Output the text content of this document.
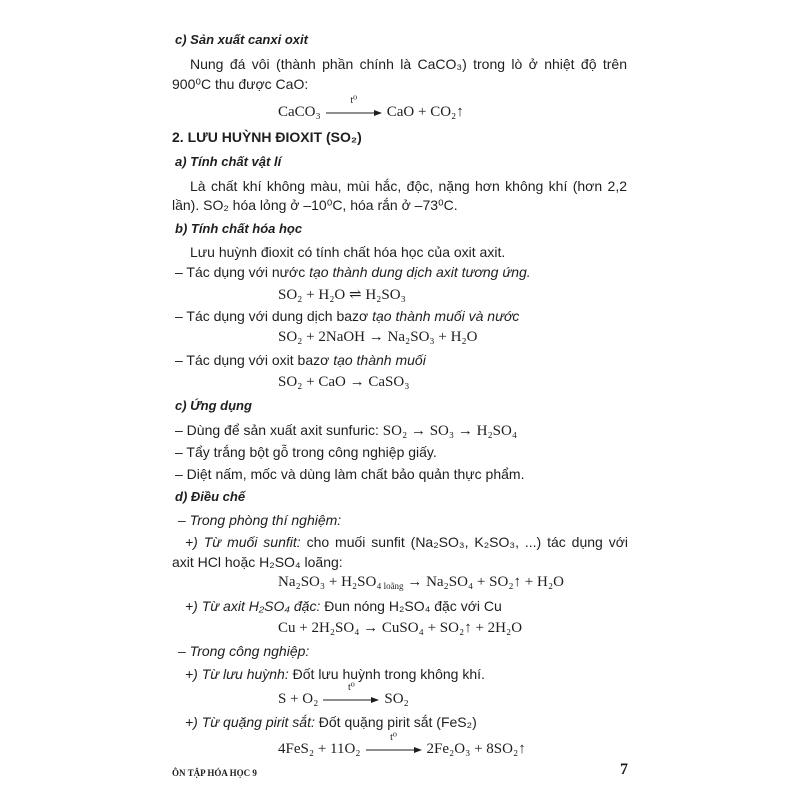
c) Sản xuất canxi oxit
Nung đá vôi (thành phần chính là CaCO₃) trong lò ở nhiệt độ trên
900⁰C thu được CaO:
CaCO₃
t⁰
CaO + CO₂↑
2. LƯU HUỲNH ĐIOXIT (SO₂)
a) Tính chất vật lí
Là chất khí không màu, mùi hắc, độc, nặng hơn không khí (hơn 2,2
lần). SO₂ hóa lỏng ở –10⁰C, hóa rắn ở –73⁰C.
b) Tính chất hóa học
Lưu huỳnh đioxit có tính chất hóa học của oxit axit.
– Tác dụng với nước tạo thành dung dịch axit tương ứng.
SO₂ + H₂O ⇌ H₂SO₃
– Tác dụng với dung dịch bazơ tạo thành muối và nước
SO₂ + 2NaOH → Na₂SO₃ + H₂O
– Tác dụng với oxit bazơ tạo thành muối
SO₂ + CaO → CaSO₃
c) Ứng dụng
– Dùng để sản xuất axit sunfuric: SO₂ → SO₃ → H₂SO₄
– Tẩy trắng bột gỗ trong công nghiệp giấy.
– Diệt nấm, mốc và dùng làm chất bảo quản thực phẩm.
d) Điều chế
– Trong phòng thí nghiệm:
+) Từ muối sunfit: cho muối sunfit (Na₂SO₃, K₂SO₃, ...) tác dụng với
axit HCl hoặc H₂SO₄ loãng:
Na₂SO₃ + H₂SO₄ $_{loãng}$ → Na₂SO₄ + SO₂↑ + H₂O
+) Từ axit H₂SO₄ đặc: Đun nóng H₂SO₄ đặc với Cu
Cu + 2H₂SO₄ → CuSO₄ + SO₂↑ + 2H₂O
– Trong công nghiệp:
+) Từ lưu huỳnh: Đốt lưu huỳnh trong không khí.
S + O₂
t⁰
SO₂
+) Từ quặng pirit sắt: Đốt quặng pirit sắt (FeS₂)
4FeS₂ + 11O₂
t⁰
2Fe₂O₃ + 8SO₂↑
ÔN TẬP HÓA HỌC 9	7
